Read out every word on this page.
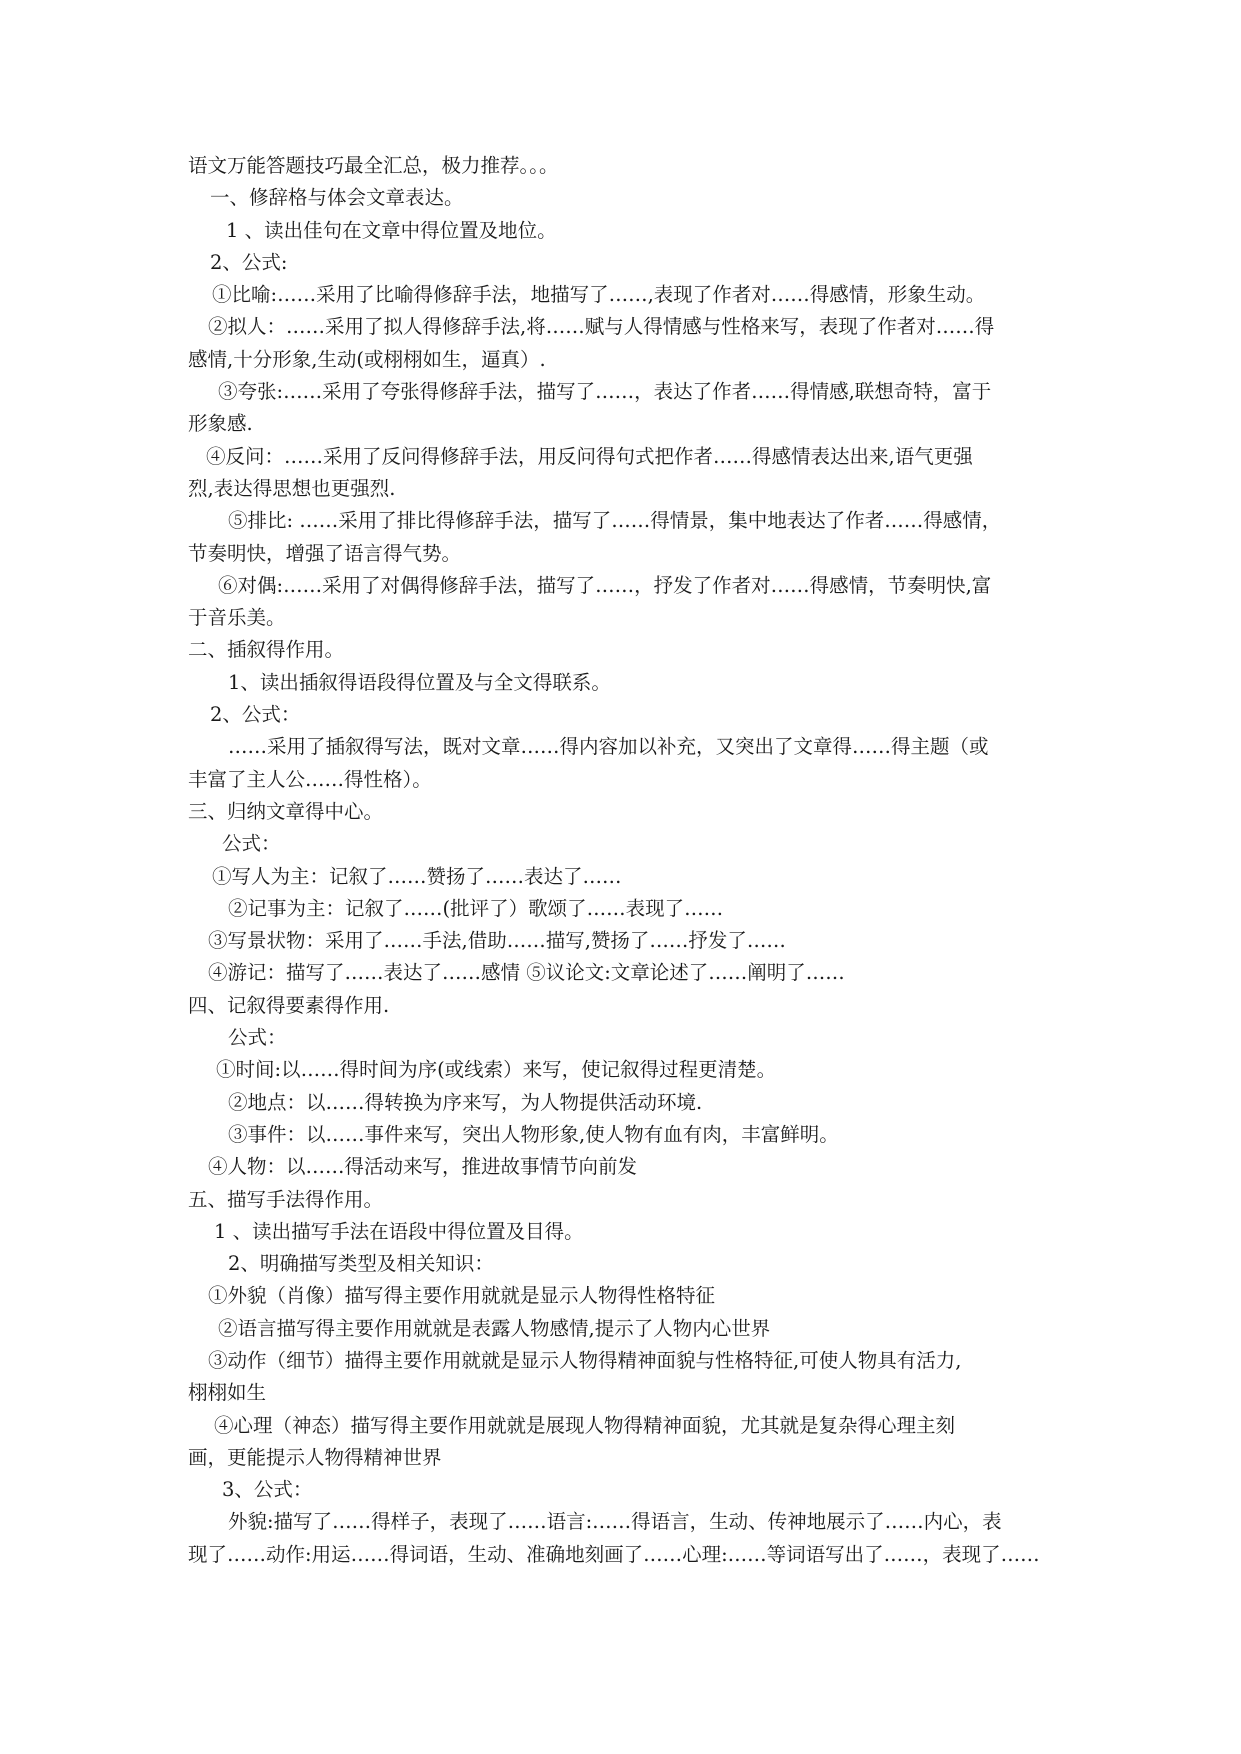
语文万能答题技巧最全汇总，极力推荐。。。
一、修辞格与体会文章表达。
1 、读出佳句在文章中得位置及地位。
2、公式:
①比喻:……采用了比喻得修辞手法，地描写了……,表现了作者对……得感情，形象生动。
②拟人：……采用了拟人得修辞手法,将……赋与人得情感与性格来写，表现了作者对……得
感情,十分形象,生动(或栩栩如生，逼真）.
③夸张:……采用了夸张得修辞手法，描写了……，表达了作者……得情感,联想奇特，富于
形象感.
④反问：……采用了反问得修辞手法，用反问得句式把作者……得感情表达出来,语气更强
烈,表达得思想也更强烈.
⑤排比: ……采用了排比得修辞手法，描写了……得情景，集中地表达了作者……得感情，
节奏明快，增强了语言得气势。
⑥对偶:……采用了对偶得修辞手法，描写了……，抒发了作者对……得感情，节奏明快,富
于音乐美。
二、插叙得作用。
1、读出插叙得语段得位置及与全文得联系。
2、公式：
……采用了插叙得写法，既对文章……得内容加以补充，又突出了文章得……得主题（或
丰富了主人公……得性格）。
三、归纳文章得中心。
公式：
①写人为主：记叙了……赞扬了……表达了……
②记事为主：记叙了……(批评了）歌颂了……表现了……
③写景状物：采用了……手法,借助……描写,赞扬了……抒发了……
④游记：描写了……表达了……感情 ⑤议论文:文章论述了……阐明了……
四、记叙得要素得作用.
公式：
①时间:以……得时间为序(或线索）来写，使记叙得过程更清楚。
②地点：以……得转换为序来写，为人物提供活动环境.
③事件：以……事件来写，突出人物形象,使人物有血有肉，丰富鲜明。
④人物：以……得活动来写，推进故事情节向前发
五、描写手法得作用。
1 、读出描写手法在语段中得位置及目得。
2、明确描写类型及相关知识：
①外貌（肖像）描写得主要作用就就是显示人物得性格特征
②语言描写得主要作用就就是表露人物感情,提示了人物内心世界
③动作（细节）描得主要作用就就是显示人物得精神面貌与性格特征,可使人物具有活力,
栩栩如生
④心理（神态）描写得主要作用就就是展现人物得精神面貌，尤其就是复杂得心理主刻
画，更能提示人物得精神世界
3、公式：
外貌:描写了……得样子，表现了……语言:……得语言，生动、传神地展示了……内心，表
现了……动作:用运……得词语，生动、准确地刻画了……心理:……等词语写出了……，表现了……
